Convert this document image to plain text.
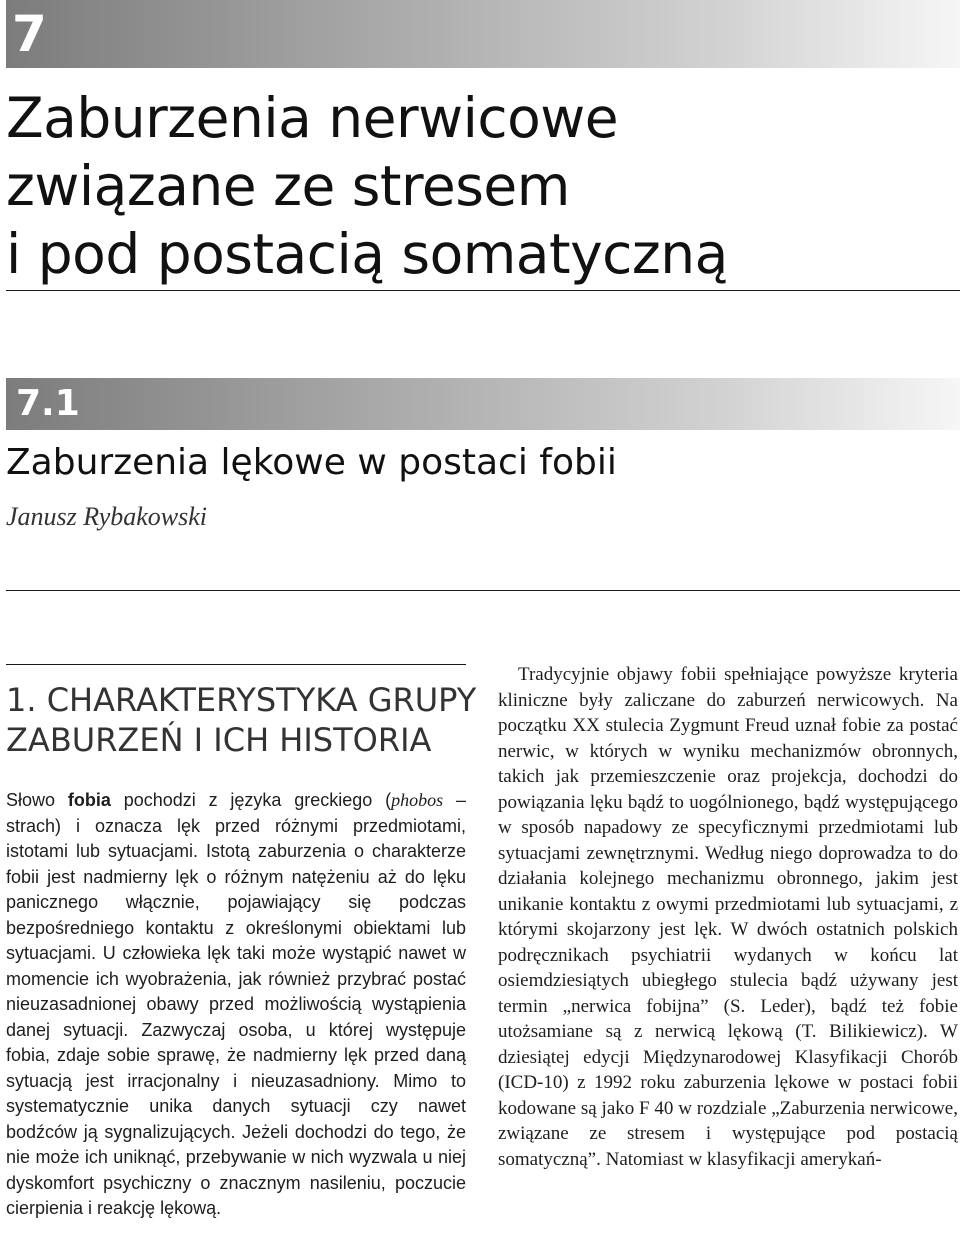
7
Zaburzenia nerwicowe
związane ze stresem
i pod postacią somatyczną
7.1
Zaburzenia lękowe w postaci fobii
Janusz Rybakowski
1. CHARAKTERYSTYKA GRUPY
ZABURZEŃ I ICH HISTORIA

Słowo fobia pochodzi z języka greckiego (phobos – strach) i oznacza lęk przed różnymi przedmiotami, istotami lub sytuacjami. Istotą zaburzenia o charakterze fobii jest nadmierny lęk o różnym natężeniu aż do lęku panicznego włącznie, pojawiający się podczas bezpośredniego kontaktu z określonymi obiektami lub sytuacjami. U człowieka lęk taki może wystąpić nawet w momencie ich wyobrażenia, jak również przybrać postać nieuzasadnionej obawy przed możliwością wystąpienia danej sytuacji. Zazwyczaj osoba, u której występuje fobia, zdaje sobie sprawę, że nadmierny lęk przed daną sytuacją jest irracjonalny i nieuzasadniony. Mimo to systematycznie unika danych sytuacji czy nawet bodźców ją sygnalizujących. Jeżeli dochodzi do tego, że nie może ich uniknąć, przebywanie w nich wyzwala u niej dyskomfort psychiczny o znacznym nasileniu, poczucie cierpienia i reakcję lękową.

Tradycyjnie objawy fobii spełniające powyższe kryteria kliniczne były zaliczane do zaburzeń nerwicowych. Na początku XX stulecia Zygmunt Freud uznał fobie za postać nerwic, w których w wyniku mechanizmów obronnych, takich jak przemieszczenie oraz projekcja, dochodzi do powiązania lęku bądź to uogólnionego, bądź występującego w sposób napadowy ze specyficznymi przedmiotami lub sytuacjami zewnętrznymi. Według niego doprowadza to do działania kolejnego mechanizmu obronnego, jakim jest unikanie kontaktu z owymi przedmiotami lub sytuacjami, z którymi skojarzony jest lęk. W dwóch ostatnich polskich podręcznikach psychiatrii wydanych w końcu lat osiemdziesiątych ubiegłego stulecia bądź używany jest termin „nerwica fobijna” (S. Leder), bądź też fobie utożsamiane są z nerwicą lękową (T. Bilikiewicz). W dziesiątej edycji Międzynarodowej Klasyfikacji Chorób (ICD-10) z 1992 roku zaburzenia lękowe w postaci fobii kodowane są jako F 40 w rozdziale „Zaburzenia nerwicowe, związane ze stresem i występujące pod postacią somatyczną”. Natomiast w klasyfikacji amerykań-
